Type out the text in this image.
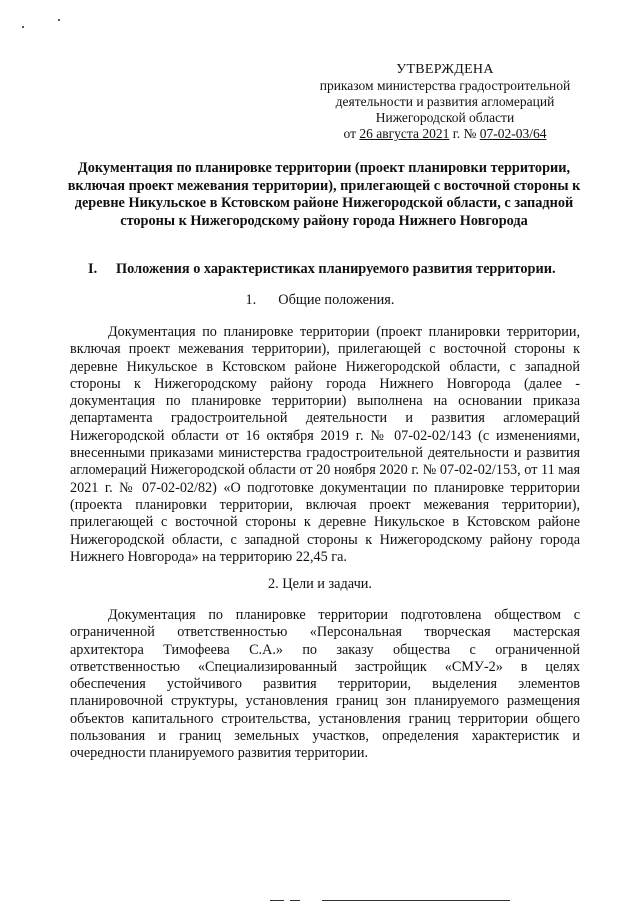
УТВЕРЖДЕНА
приказом министерства градостроительной
деятельности и развития агломераций
Нижегородской области
от 26 августа 2021 г. № 07-02-03/64
Документация по планировке территории (проект планировки территории, включая проект межевания территории), прилегающей с восточной стороны к деревне Никульское в Кстовском районе Нижегородской области, с западной стороны к Нижегородскому району города Нижнего Новгорода
I. Положения о характеристиках планируемого развития территории.
1. Общие положения.
Документация по планировке территории (проект планировки территории, включая проект межевания территории), прилегающей с восточной стороны к деревне Никульское в Кстовском районе Нижегородской области, с западной стороны к Нижегородскому району города Нижнего Новгорода (далее - документация по планировке территории) выполнена на основании приказа департамента градостроительной деятельности и развития агломераций Нижегородской области от 16 октября 2019 г. № 07-02-02/143 (с изменениями, внесенными приказами министерства градостроительной деятельности и развития агломераций Нижегородской области от 20 ноября 2020 г. № 07-02-02/153, от 11 мая 2021 г. № 07-02-02/82) «О подготовке документации по планировке территории (проекта планировки территории, включая проект межевания территории), прилегающей с восточной стороны к деревне Никульское в Кстовском районе Нижегородской области, с западной стороны к Нижегородскому району города Нижнего Новгорода» на территорию 22,45 га.
2. Цели и задачи.
Документация по планировке территории подготовлена обществом с ограниченной ответственностью «Персональная творческая мастерская архитектора Тимофеева С.А.» по заказу общества с ограниченной ответственностью «Специализированный застройщик «СМУ-2» в целях обеспечения устойчивого развития территории, выделения элементов планировочной структуры, установления границ зон планируемого размещения объектов капитального строительства, установления границ территории общего пользования и границ земельных участков, определения характеристик и очередности планируемого развития территории.
